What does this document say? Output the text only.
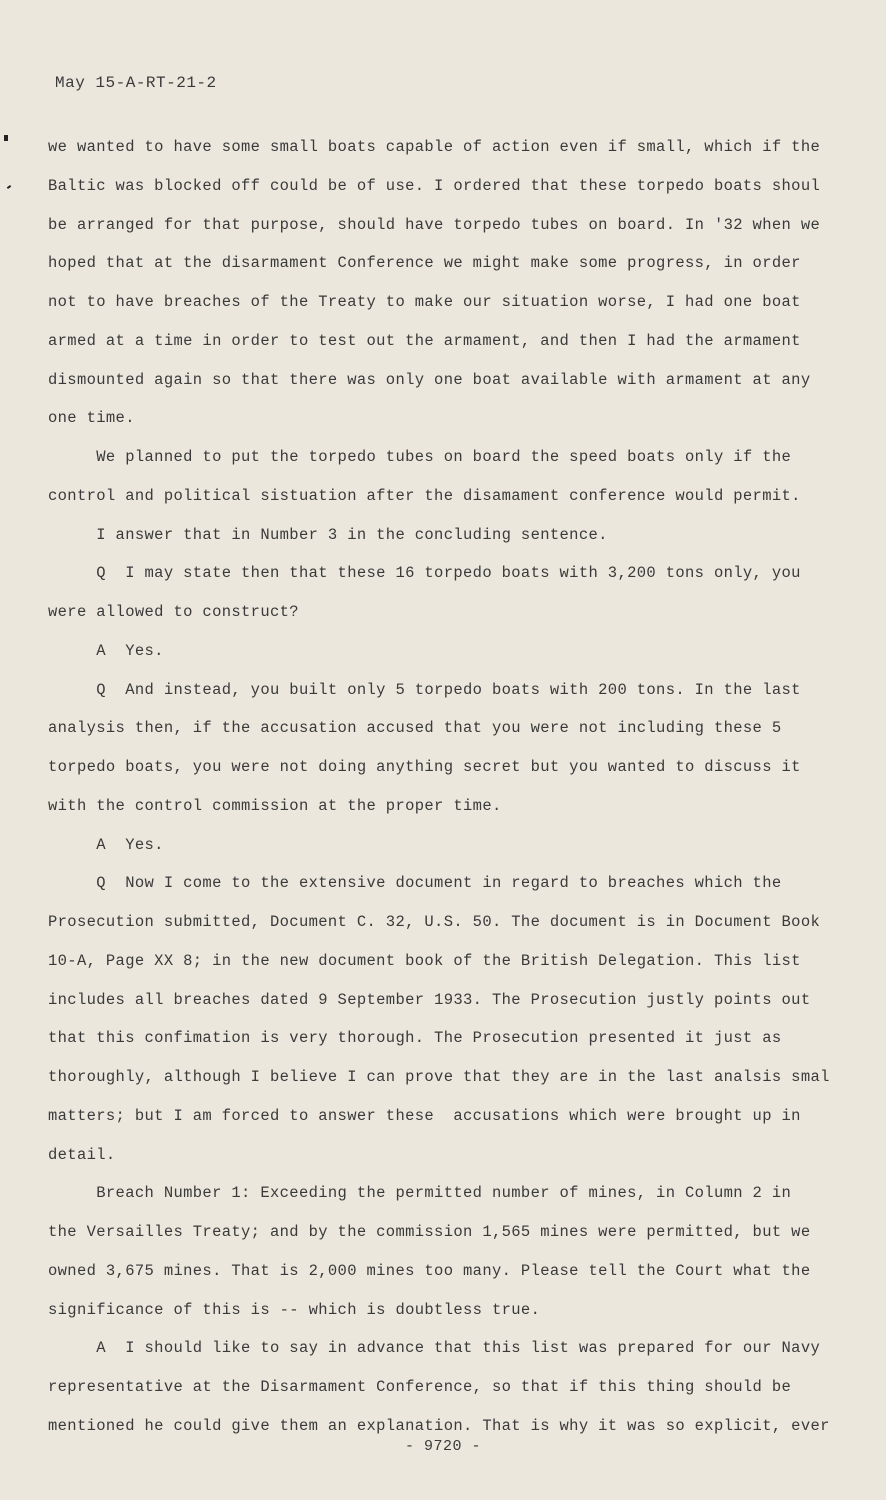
May 15-A-RT-21-2
we wanted to have some small boats capable of action even if small, which if the
Baltic was blocked off could be of use. I ordered that these torpedo boats shoul
be arranged for that purpose, should have torpedo tubes on board. In '32 when we
hoped that at the disarmament Conference we might make some progress, in order
not to have breaches of the Treaty to make our situation worse, I had one boat
armed at a time in order to test out the armament, and then I had the armament
dismounted again so that there was only one boat available with armament at any
one time.
We planned to put the torpedo tubes on board the speed boats only if the
control and political sistuation after the disamament conference would permit.
I answer that in Number 3 in the concluding sentence.
Q  I may state then that these 16 torpedo boats with 3,200 tons only, you
were allowed to construct?
A  Yes.
Q  And instead, you built only 5 torpedo boats with 200 tons. In the last
analysis then, if the accusation accused that you were not including these 5
torpedo boats, you were not doing anything secret but you wanted to discuss it
with the control commission at the proper time.
A  Yes.
Q  Now I come to the extensive document in regard to breaches which the
Prosecution submitted, Document C. 32, U.S. 50. The document is in Document Book
10-A, Page XX 8; in the new document book of the British Delegation. This list
includes all breaches dated 9 September 1933. The Prosecution justly points out
that this confimation is very thorough. The Prosecution presented it just as
thoroughly, although I believe I can prove that they are in the last analsis smal
matters; but I am forced to answer these  accusations which were brought up in
detail.
Breach Number 1: Exceeding the permitted number of mines, in Column 2 in
the Versailles Treaty; and by the commission 1,565 mines were permitted, but we
owned 3,675 mines. That is 2,000 mines too many. Please tell the Court what the
significance of this is -- which is doubtless true.
A  I should like to say in advance that this list was prepared for our Navy
representative at the Disarmament Conference, so that if this thing should be
mentioned he could give them an explanation. That is why it was so explicit, ever
- 9720 -
